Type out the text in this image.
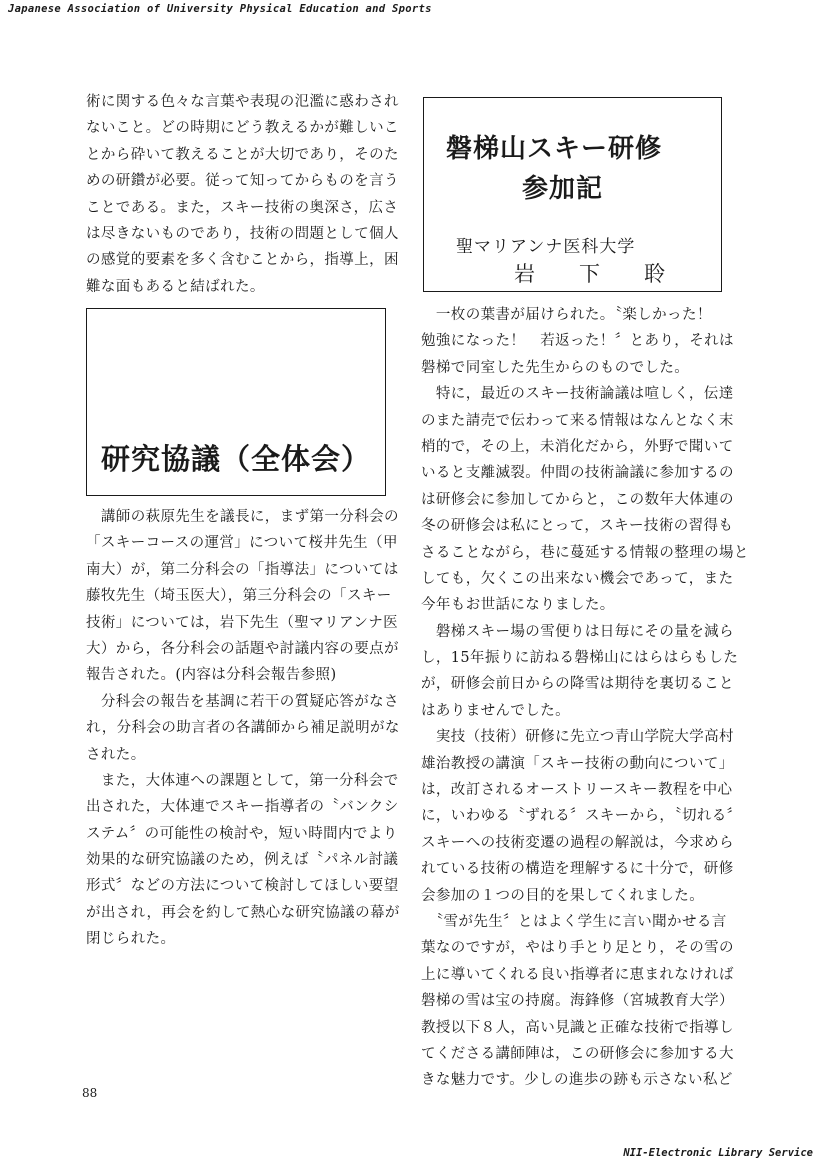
Japanese Association of University Physical Education and Sports
術に関する色々な言葉や表現の氾濫に惑わされ
ないこと。どの時期にどう教えるかが難しいこ
とから砕いて教えることが大切であり，そのた
めの研鑽が必要。従って知ってからものを言う
ことである。また，スキー技術の奥深さ，広さ
は尽きないものであり，技術の問題として個人
の感覚的要素を多く含むことから，指導上，困
難な面もあると結ばれた。
研究協議（全体会）
　講師の萩原先生を議長に，まず第一分科会の
「スキーコースの運営」について桜井先生（甲
南大）が，第二分科会の「指導法」については
藤牧先生（埼玉医大），第三分科会の「スキー
技術」については，岩下先生（聖マリアンナ医
大）から，各分科会の話題や討議内容の要点が
報告された。(内容は分科会報告参照)
　分科会の報告を基調に若干の質疑応答がなさ
れ，分科会の助言者の各講師から補足説明がな
された。
　また，大体連への課題として，第一分科会で
出された，大体連でスキー指導者の〝バンクシ
ステム〞の可能性の検討や，短い時間内でより
効果的な研究協議のため，例えば〝パネル討議
形式〞などの方法について検討してほしい要望
が出され，再会を約して熱心な研究協議の幕が
閉じられた。
磐梯山スキー研修
参加記
聖マリアンナ医科大学
岩下聆
　一枚の葉書が届けられた。〝楽しかった！
勉強になった！　若返った！〞とあり，それは
磐梯で同室した先生からのものでした。
　特に，最近のスキー技術論議は喧しく，伝達
のまた請売で伝わって来る情報はなんとなく末
梢的で，その上，未消化だから，外野で聞いて
いると支離滅裂。仲間の技術論議に参加するの
は研修会に参加してからと，この数年大体連の
冬の研修会は私にとって，スキー技術の習得も
さることながら，巷に蔓延する情報の整理の場と
しても，欠くこの出来ない機会であって，また
今年もお世話になりました。
　磐梯スキー場の雪便りは日毎にその量を減ら
し，15年振りに訪ねる磐梯山にはらはらもした
が，研修会前日からの降雪は期待を裏切ること
はありませんでした。
　実技（技術）研修に先立つ青山学院大学高村
雄治教授の講演「スキー技術の動向について」
は，改訂されるオーストリースキー教程を中心
に，いわゆる〝ずれる〞スキーから，〝切れる〞
スキーへの技術変遷の過程の解説は，今求めら
れている技術の構造を理解するに十分で，研修
会参加の１つの目的を果してくれました。
　〝雪が先生〞とはよく学生に言い聞かせる言
葉なのですが，やはり手とり足とり，その雪の
上に導いてくれる良い指導者に恵まれなければ
磐梯の雪は宝の持腐。海鋒修（宮城教育大学）
教授以下８人，高い見識と正確な技術で指導し
てくださる講師陣は，この研修会に参加する大
きな魅力です。少しの進歩の跡も示さない私ど
88
NII-Electronic Library Service
